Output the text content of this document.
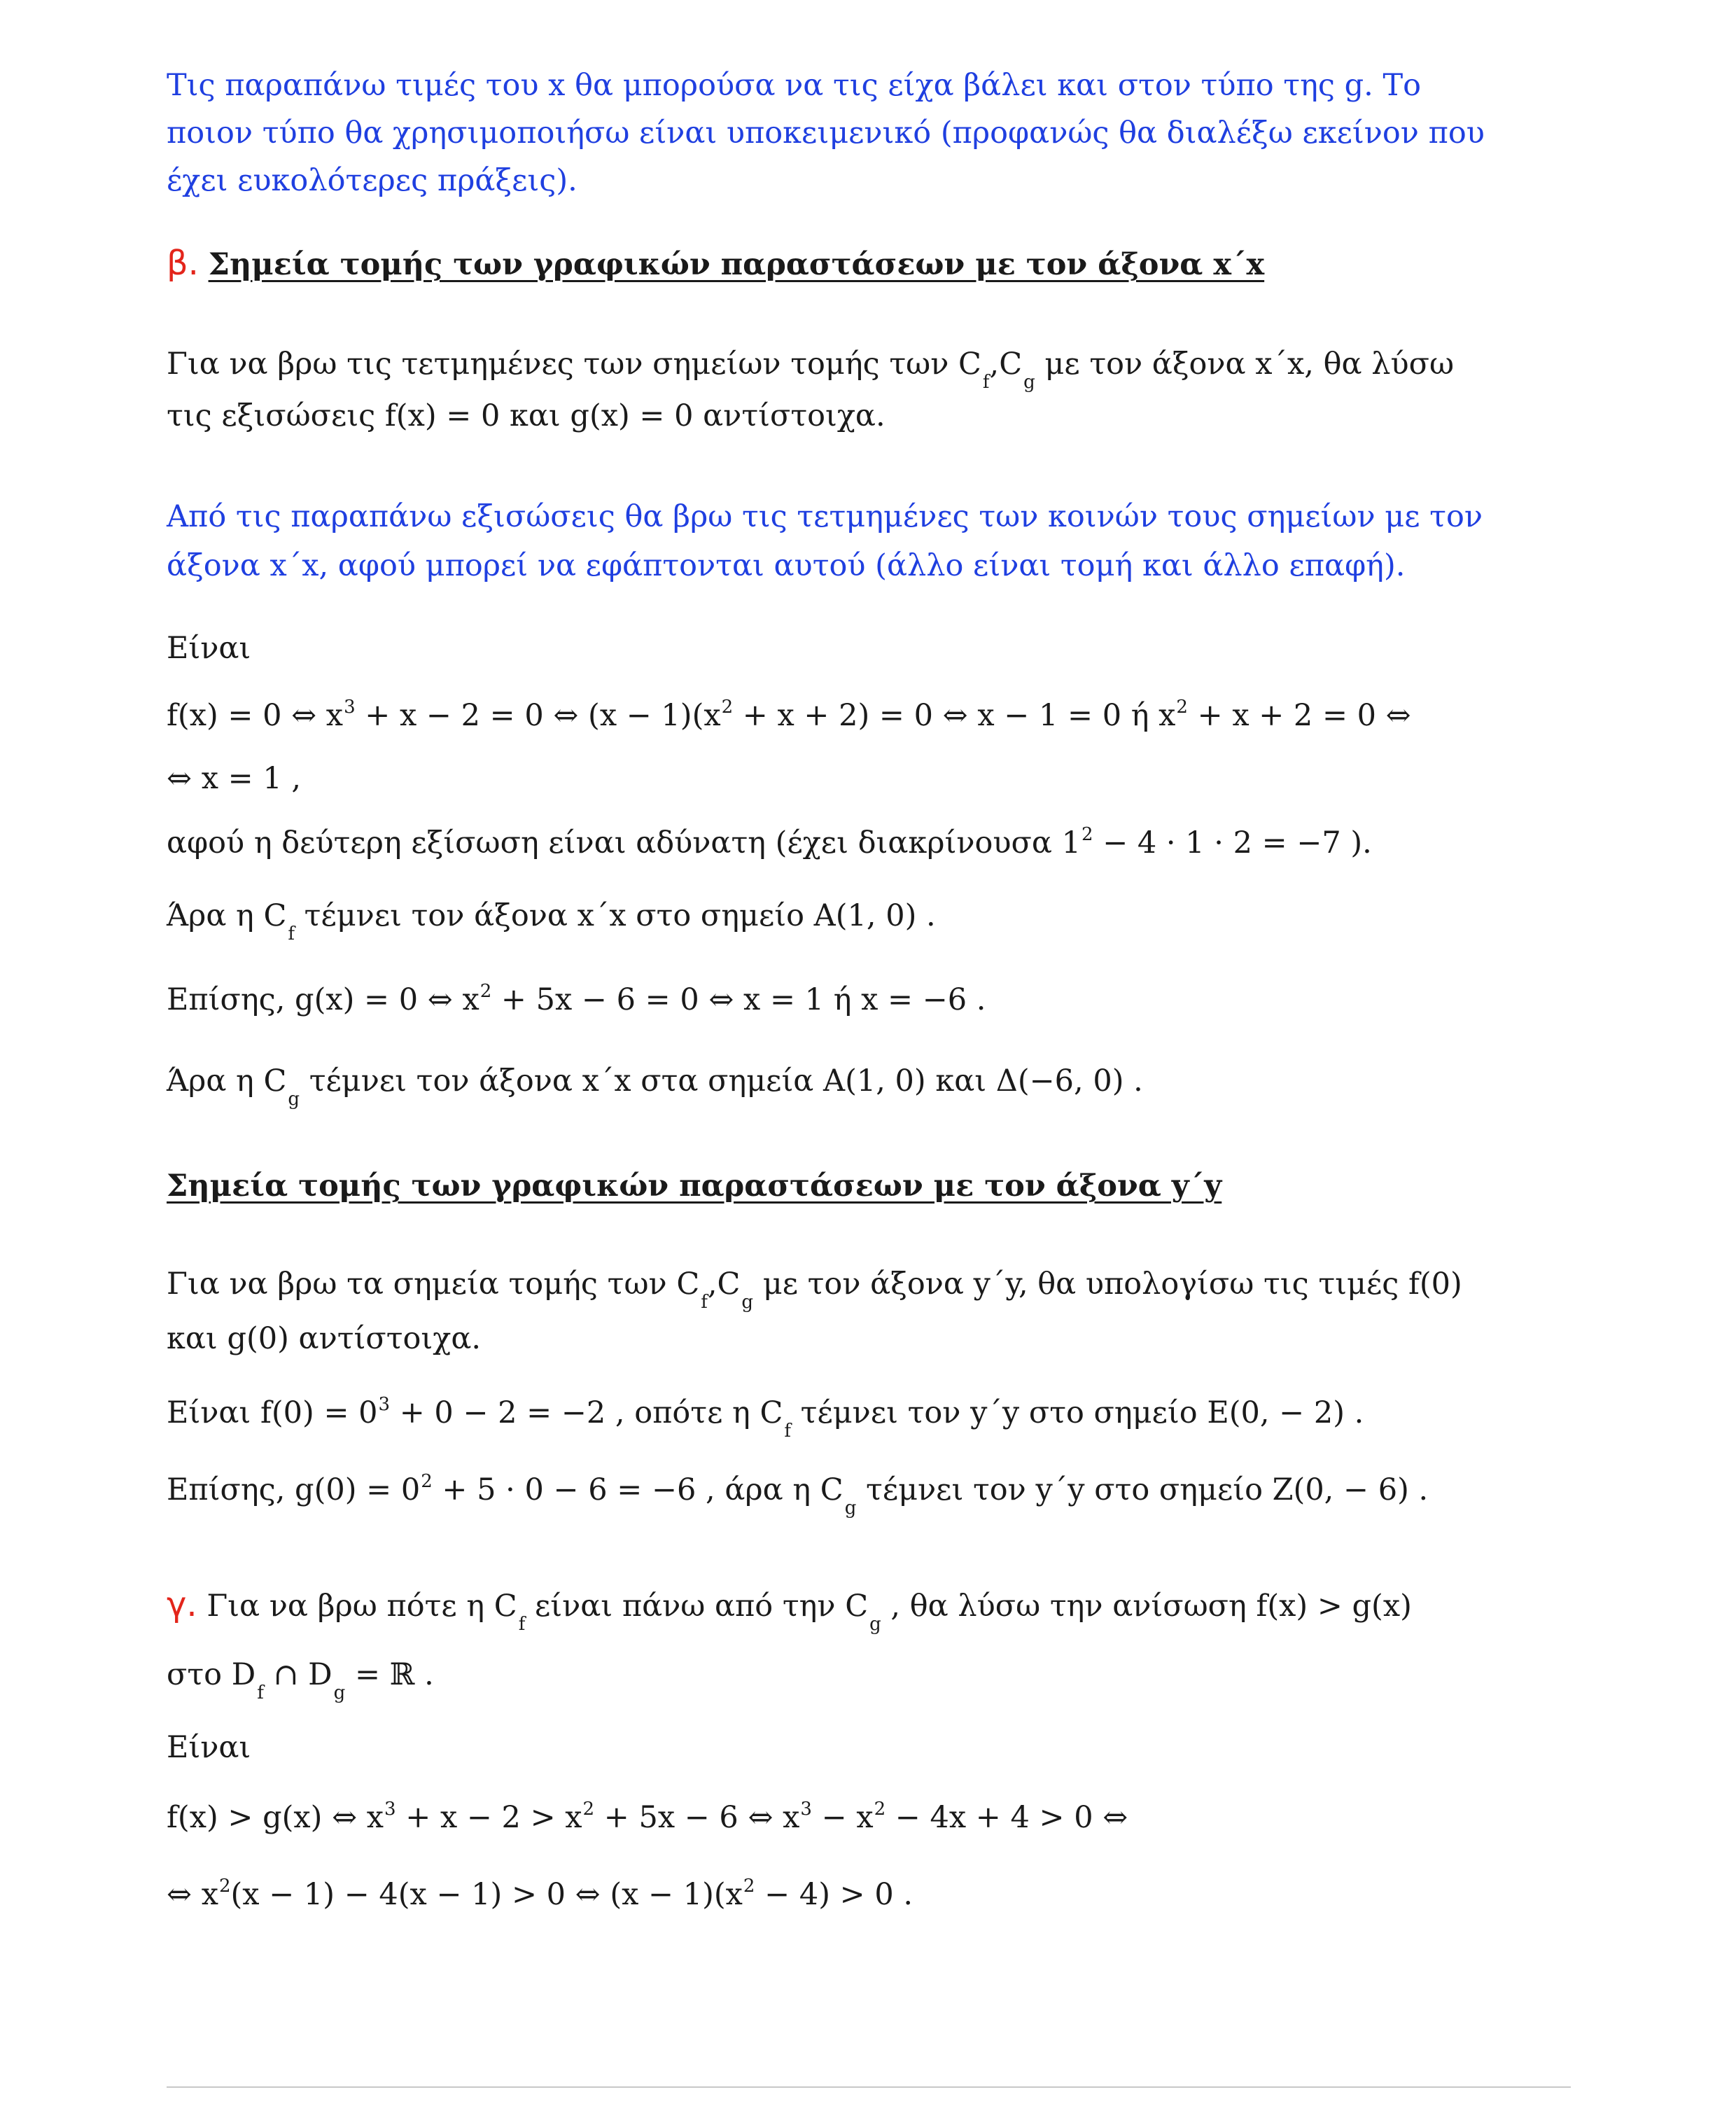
Τις παραπάνω τιμές του x θα μπορούσα να τις είχα βάλει και στον τύπο της g. Το
ποιον τύπο θα χρησιμοποιήσω είναι υποκειμενικό (προφανώς θα διαλέξω εκείνον που
έχει ευκολότερες πράξεις).
β. Σημεία τομής των γραφικών παραστάσεων με τον άξονα x΄x
Για να βρω τις τετμημένες των σημείων τομής των $C_f,C_g$ με τον άξονα x΄x, θα λύσω
τις εξισώσεις f(x) = 0 και g(x) = 0 αντίστοιχα.
Από τις παραπάνω εξισώσεις θα βρω τις τετμημένες των κοινών τους σημείων με τον
άξονα x΄x, αφού μπορεί να εφάπτονται αυτού (άλλο είναι τομή και άλλο επαφή).
Είναι
f(x) = 0 ⇔ $x^3 + x - 2 = 0$ ⇔ $(x - 1)(x^2 + x + 2) = 0$ ⇔ x − 1 = 0 ή $x^2 + x + 2 = 0$ ⇔
⇔ x = 1 ,
αφού η δεύτερη εξίσωση είναι αδύνατη (έχει διακρίνουσα $1^2 - 4 \cdot 1 \cdot 2 = -7$ ).
Άρα η $C_f$ τέμνει τον άξονα x΄x στο σημείο A(1, 0) .
Επίσης, g(x) = 0 ⇔ $x^2 + 5x - 6 = 0$ ⇔ x = 1 ή x = −6 .
Άρα η $C_g$ τέμνει τον άξονα x΄x στα σημεία A(1, 0) και Δ(−6, 0) .
Σημεία τομής των γραφικών παραστάσεων με τον άξονα y΄y
Για να βρω τα σημεία τομής των $C_f,C_g$ με τον άξονα y΄y, θα υπολογίσω τις τιμές f(0)
και g(0) αντίστοιχα.
Είναι $f(0) = 0^3 + 0 - 2 = -2$ , οπότε η $C_f$ τέμνει τον y΄y στο σημείο E(0, − 2) .
Επίσης, $g(0) = 0^2 + 5 \cdot 0 - 6 = -6$ , άρα η $C_g$ τέμνει τον y΄y στο σημείο Z(0, − 6) .
γ. Για να βρω πότε η $C_f$ είναι πάνω από την $C_g$ , θα λύσω την ανίσωση f(x) > g(x)
στο $D_f$ ∩ $D_g$ = ℝ .
Είναι
f(x) > g(x) ⇔ $x^3 + x - 2 > x^2 + 5x - 6$ ⇔ $x^3 - x^2 - 4x + 4 > 0$ ⇔
⇔ $x^2(x - 1) - 4(x - 1) > 0$ ⇔ $(x - 1)(x^2 - 4) > 0$ .
